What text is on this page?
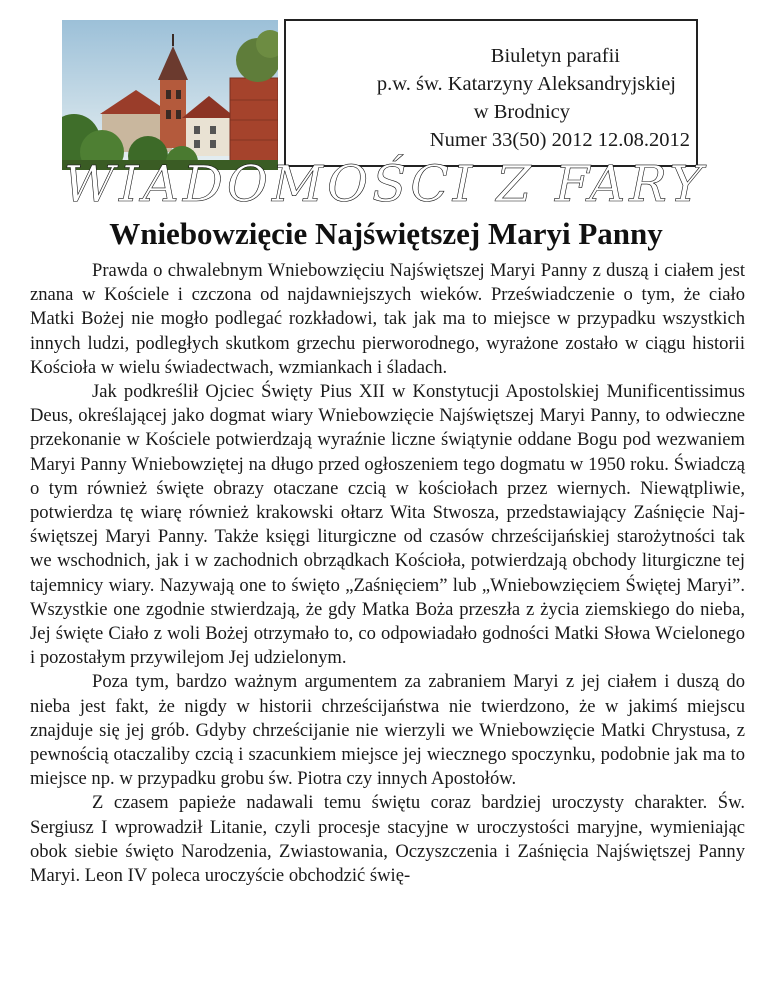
Biuletyn parafii
p.w. św. Katarzyny Aleksandryjskiej
w Brodnicy
Numer 33(50) 2012 12.08.2012
WIADOMOŚCI Z FARY
Wniebowzięcie Najświętszej Maryi Panny

Prawda o chwalebnym Wniebowzięciu Najświętszej Maryi Panny z duszą i ciałem jest znana w Kościele i czczona od najdawniejszych wieków. Przeświadczenie o tym, że ciało Matki Bożej nie mogło podlegać rozkładowi, tak jak ma to miejsce w przypadku wszystkich innych ludzi, podległych skutkom grzechu pierworodnego, wyrażone zostało w ciągu historii Kościoła w wielu świadectwach, wzmiankach i śladach.

Jak podkreślił Ojciec Święty Pius XII w Konstytucji Apostolskiej Munificentissimus Deus, określającej jako dogmat wiary Wniebowzięcie Najświętszej Maryi Panny, to odwieczne przekonanie w Kościele potwierdzają wyraźnie liczne świątynie oddane Bogu pod wezwaniem Maryi Panny Wniebowziętej na długo przed ogłoszeniem tego dogmatu w 1950 roku. Świadczą o tym również święte obrazy otaczane czcią w kościołach przez wiernych. Niewątpliwie, potwierdza tę wiarę również krakowski ołtarz Wita Stwosza, przedstawiający Zaśnięcie Najświętszej Maryi Panny. Także księgi liturgiczne od czasów chrześcijańskiej starożytności tak we wschodnich, jak i w zachodnich obrządkach Kościoła, potwierdzają obchody liturgiczne tej tajemnicy wiary. Nazywają one to święto „Zaśnięciem” lub „Wniebowzięciem Świętej Maryi”. Wszystkie one zgodnie stwierdzają, że gdy Matka Boża przeszła z życia ziemskiego do nieba, Jej święte Ciało z woli Bożej otrzymało to, co odpowiadało godności Matki Słowa Wcielonego i pozostałym przywilejom Jej udzielonym.

Poza tym, bardzo ważnym argumentem za zabraniem Maryi z jej ciałem i duszą do nieba jest fakt, że nigdy w historii chrześcijaństwa nie twierdzono, że w jakimś miejscu znajduje się jej grób. Gdyby chrześcijanie nie wierzyli we Wniebowzięcie Matki Chrystusa, z pewnością otaczaliby czcią i szacunkiem miejsce jej wiecznego spoczynku, podobnie jak ma to miejsce np. w przypadku grobu św. Piotra czy innych Apostołów.

Z czasem papieże nadawali temu świętu coraz bardziej uroczysty charakter. Św. Sergiusz I wprowadził Litanie, czyli procesje stacyjne w uroczystości maryjne, wymieniając obok siebie święto Narodzenia, Zwiastowania, Oczyszczenia i Zaśnięcia Najświętszej Panny Maryi. Leon IV poleca uroczyście obchodzić świę-
